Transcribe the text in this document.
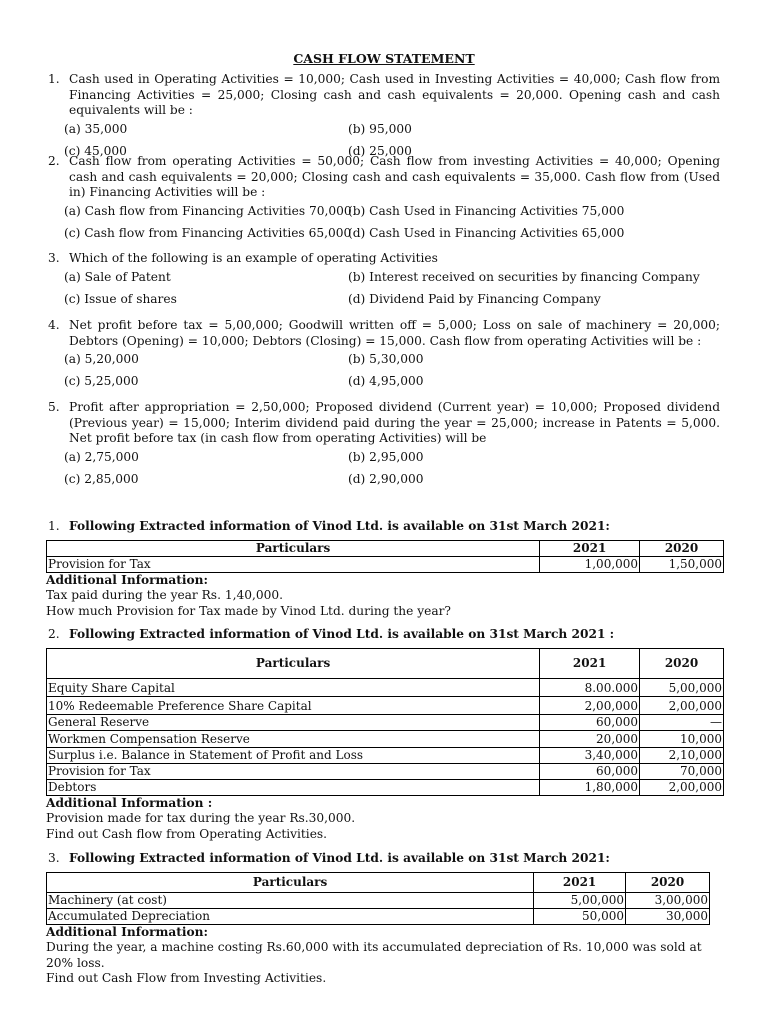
CASH FLOW STATEMENT
1. Cash used in Operating Activities = 10,000; Cash used in Investing Activities = 40,000; Cash flow from Financing Activities = 25,000; Closing cash and cash equivalents = 20,000. Opening cash and cash equivalents will be :
(a) 35,000	(b) 95,000
(c) 45,000	(d) 25,000
2. Cash flow from operating Activities = 50,000; Cash flow from investing Activities = 40,000; Opening cash and cash equivalents = 20,000; Closing cash and cash equivalents = 35,000. Cash flow from (Used in) Financing Activities will be :
(a) Cash flow from Financing Activities 70,000
(b) Cash Used in Financing Activities 75,000
(c) Cash flow from Financing Activities 65,000
(d) Cash Used in Financing Activities 65,000
3. Which of the following is an example of operating Activities
(a) Sale of Patent	(b) Interest received on securities by financing Company
(c) Issue of shares	(d) Dividend Paid by Financing Company
4. Net profit before tax = 5,00,000; Goodwill written off = 5,000; Loss on sale of machinery = 20,000; Debtors (Opening) = 10,000; Debtors (Closing) = 15,000. Cash flow from operating Activities will be :
(a) 5,20,000	(b) 5,30,000
(c) 5,25,000	(d) 4,95,000
5. Profit after appropriation = 2,50,000; Proposed dividend (Current year) = 10,000; Proposed dividend (Previous year) = 15,000; Interim dividend paid during the year = 25,000; increase in Patents = 5,000. Net profit before tax (in cash flow from operating Activities) will be
(a) 2,75,000	(b) 2,95,000
(c) 2,85,000	(d) 2,90,000
1. Following Extracted information of Vinod Ltd. is available on 31st March 2021:
Particulars	2021	2020
Provision for Tax	1,00,000	1,50,000
Additional Information:
Tax paid during the year Rs. 1,40,000.
How much Provision for Tax made by Vinod Ltd. during the year?
2. Following Extracted information of Vinod Ltd. is available on 31st March 2021 :
Particulars	2021	2020
Equity Share Capital	8.00.000	5,00,000
10% Redeemable Preference Share Capital	2,00,000	2,00,000
General Reserve	60,000	—
Workmen Compensation Reserve	20,000	10,000
Surplus i.e. Balance in Statement of Profit and Loss	3,40,000	2,10,000
Provision for Tax	60,000	70,000
Debtors	1,80,000	2,00,000
Additional Information :
Provision made for tax during the year Rs.30,000.
Find out Cash flow from Operating Activities.
3. Following Extracted information of Vinod Ltd. is available on 31st March 2021:
Particulars	2021	2020
Machinery (at cost)	5,00,000	3,00,000
Accumulated Depreciation	50,000	30,000
Additional Information:
During the year, a machine costing Rs.60,000 with its accumulated depreciation of Rs. 10,000 was sold at 20% loss.
Find out Cash Flow from Investing Activities.
